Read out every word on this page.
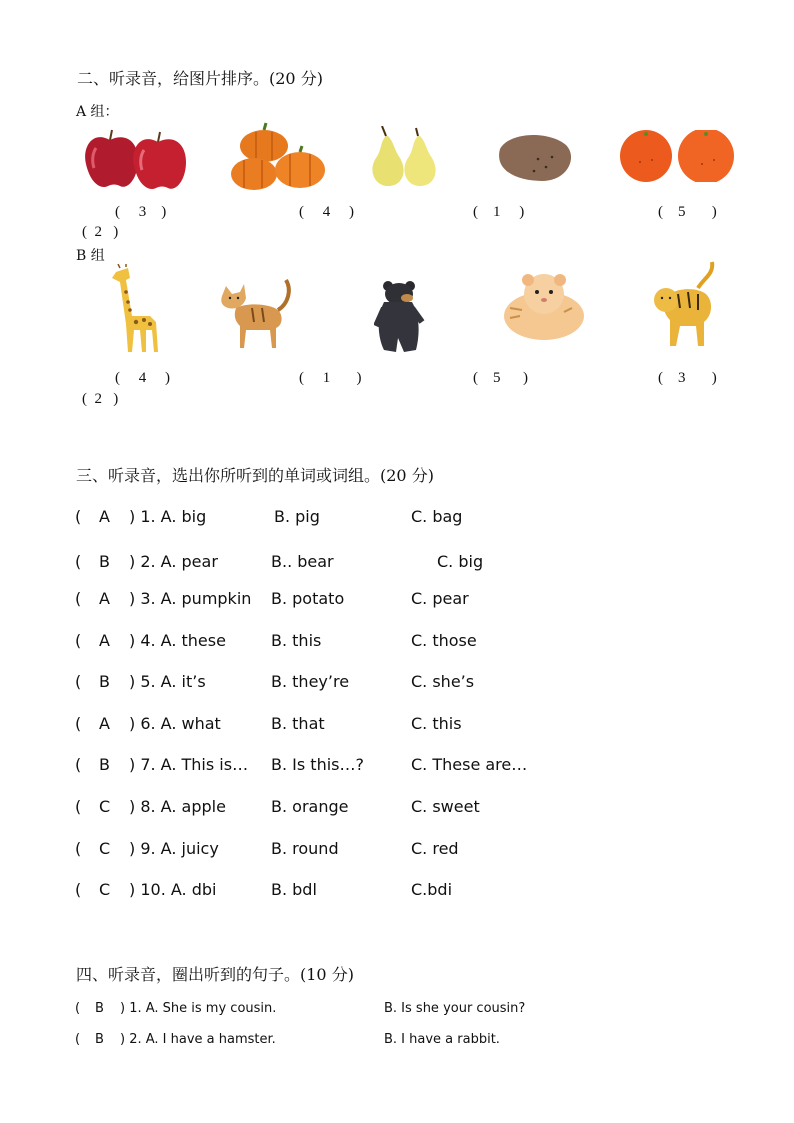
二、听录音，给图片排序。(20 分)
A 组：
(     3    )	(     4     )	(    1     )	(    5       )
(  2   )
B 组
(     4     )	(     1       )	(    5      )	(    3       )
(  2   )
三、听录音，选出你所听到的单词或词组。(20 分)
( A ) 1. A. big	B. pig	C. bag
( B ) 2. A. pear	B.. bear	C. big
( A ) 3. A. pumpkin B. potato	C. pear
( A ) 4. A. these	B. this	C. those
( B ) 5. A. it’s	B. they’re	C. she’s
( A ) 6. A. what	B. that	C. this
( B ) 7. A. This is… B. Is this…?	C. These are…
( C ) 8. A. apple	B. orange	C. sweet
( C ) 9. A. juicy	B. round	C. red
( C ) 10. A. dbi	B. bdl	C.bdi
四、听录音，圈出听到的句子。(10 分)
( B ) 1. A. She is my cousin.	B. Is she your cousin?
( B ) 2. A. I have a hamster.	B. I have a rabbit.
